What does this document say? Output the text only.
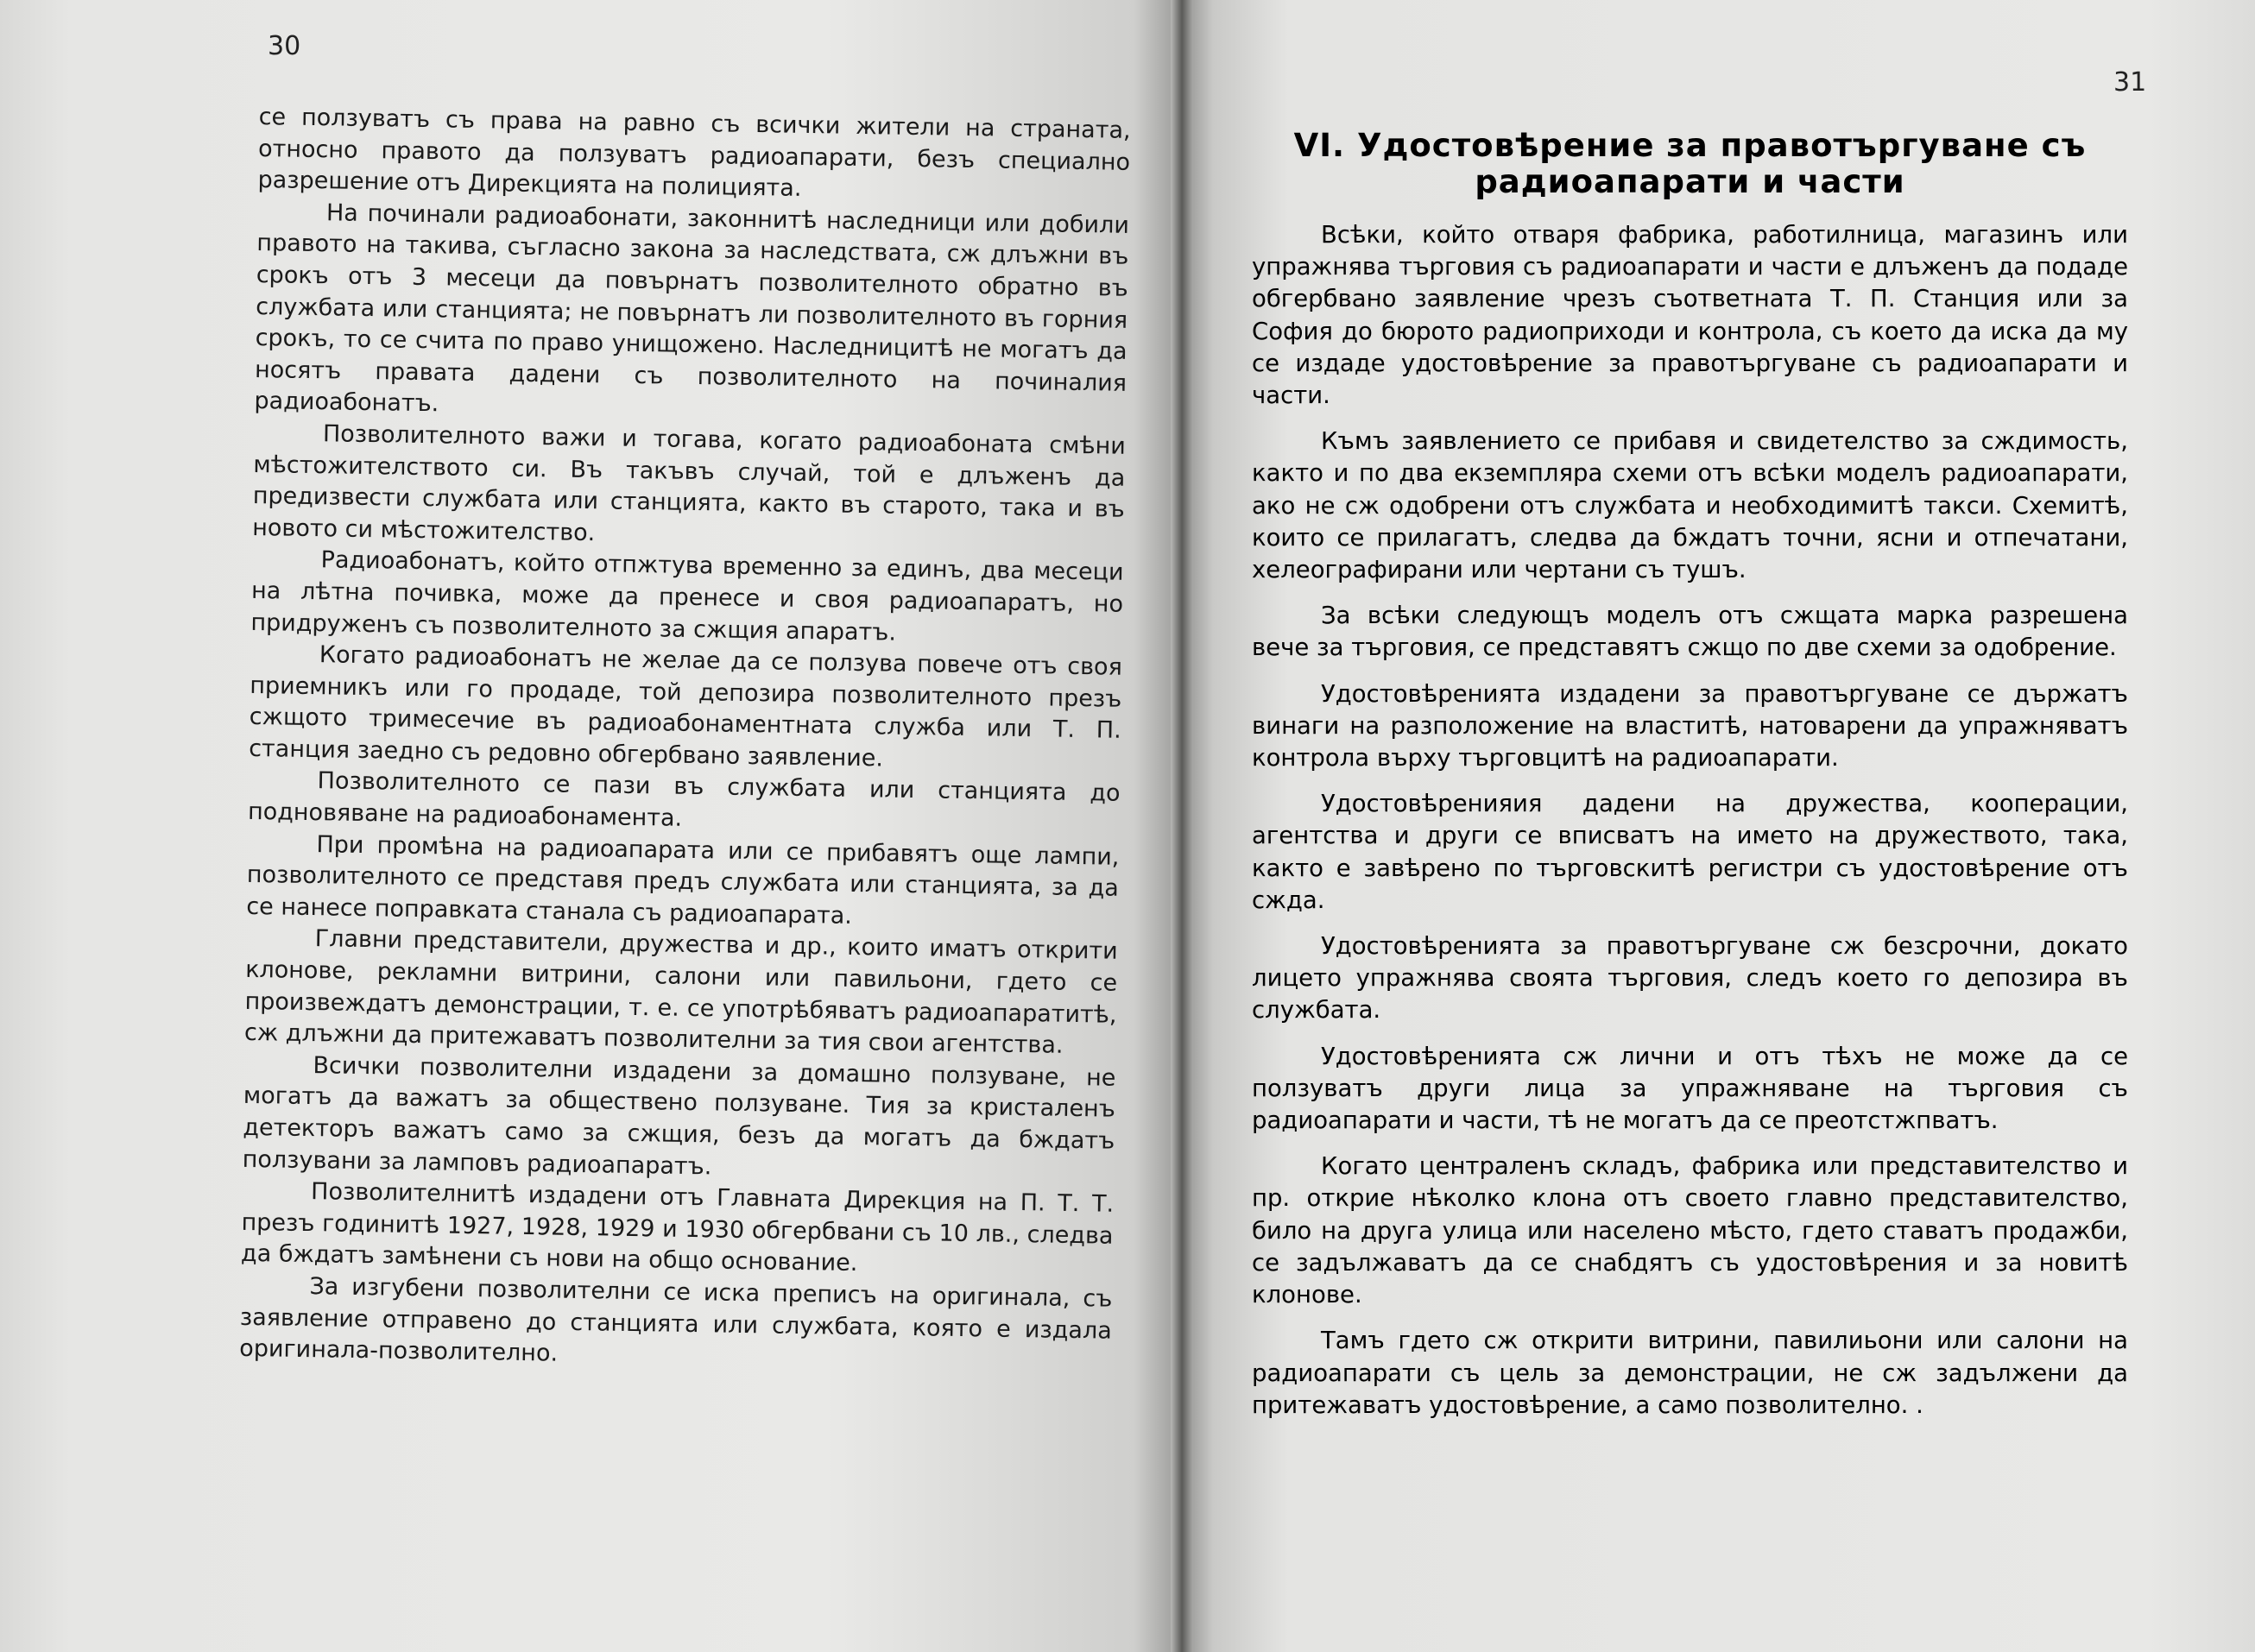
30

се ползуватъ съ права на равно съ всички жители на страната, относно правото да ползуватъ радиоапарати, безъ специално разрешение отъ Дирекцията на полицията.

На починали радиоабонати, законнитѣ наследници или добили правото на такива, съгласно закона за наследствата, сж длъжни въ срокъ отъ 3 месеци да повърнатъ позволителното обратно въ службата или станцията; не повърнатъ ли позволителното въ горния срокъ, то се счита по право унищожено. Наследницитѣ не могатъ да носятъ правата дадени съ позволителното на починалия радиоабонатъ.

Позволителното важи и тогава, когато радиоабоната смѣни мѣстожителството си. Въ такъвъ случай, той е длъженъ да предизвести службата или станцията, както въ старото, така и въ новото си мѣстожителство.

Радиоабонатъ, който отпжтува временно за единъ, два месеци на лѣтна почивка, може да пренесе и своя радиоапаратъ, но придруженъ съ позволителното за сжщия апаратъ.

Когато радиоабонатъ не желае да се ползува повече отъ своя приемникъ или го продаде, той депозира позволителното презъ сжщото тримесечие въ радиоабонаментната служба или Т. П. станция заедно съ редовно обгербвано заявление.

Позволителното се пази въ службата или станцията до подновяване на радиоабонамента.

При промѣна на радиоапарата или се прибавятъ още лампи, позволителното се представя предъ службата или станцията, за да се нанесе поправката станала съ радиоапарата.

Главни представители, дружества и др., които иматъ открити клонове, рекламни витрини, салони или павильони, гдето се произвеждатъ демонстрации, т. е. се употрѣбяватъ радиоапаратитѣ, сж длъжни да притежаватъ позволителни за тия свои агентства.

Всички позволителни издадени за домашно ползуване, не могатъ да важатъ за обществено ползуване. Тия за кристаленъ детекторъ важатъ само за сжщия, безъ да могатъ да бждатъ ползувани за ламповъ радиоапаратъ.

Позволителнитѣ издадени отъ Главната Дирекция на П. Т. Т. презъ годинитѣ 1927, 1928, 1929 и 1930 обгербвани съ 10 лв., следва да бждатъ замѣнени съ нови на общо основание.

За изгубени позволителни се иска преписъ на оригинала, съ заявление отправено до станцията или службата, която е издала оригинала-позволително.

31
VI. Удостовѣрение за правотъргуване съ
радиоапарати и части

Всѣки, който отваря фабрика, работилница, магазинъ или упражнява търговия съ радиоапарати и части е длъженъ да подаде обгербвано заявление чрезъ съответната Т. П. Станция или за София до бюрото радиоприходи и контрола, съ което да иска да му се издаде удостовѣрение за правотъргуване съ радиоапарати и части.

Къмъ заявлението се прибавя и свидетелство за сждимость, както и по два екземпляра схеми отъ всѣки моделъ радиоапарати, ако не сж одобрени отъ службата и необходимитѣ такси. Схемитѣ, които се прилагатъ, следва да бждатъ точни, ясни и отпечатани, хелеографирани или чертани съ тушъ.

За всѣки следующъ моделъ отъ сжщата марка разрешена вече за търговия, се представятъ сжщо по две схеми за одобрение.

Удостовѣренията издадени за правотъргуване се държатъ винаги на разположение на властитѣ, натоварени да упражняватъ контрола върху търговцитѣ на радиоапарати.

Удостовѣренияия дадени на дружества, кооперации, агентства и други се вписватъ на името на дружеството, така, както е завѣрено по търговскитѣ регистри съ удостовѣрение отъ сжда.

Удостовѣренията за правотъргуване сж безсрочни, докато лицето упражнява своята търговия, следъ което го депозира въ службата.

Удостовѣренията сж лични и отъ тѣхъ не може да се ползуватъ други лица за упражняване на търговия съ радиоапарати и части, тѣ не могатъ да се преотстжпватъ.

Когато централенъ складъ, фабрика или представителство и пр. открие нѣколко клона отъ своето главно представителство, било на друга улица или населено мѣсто, гдето ставатъ продажби, се задължаватъ да се снабдятъ съ удостовѣрения и за новитѣ клонове.

Тамъ гдето сж открити витрини, павилиьони или салони на радиоапарати съ цель за демонстрации, не сж задължени да притежаватъ удостовѣрение, а само позволително. .
